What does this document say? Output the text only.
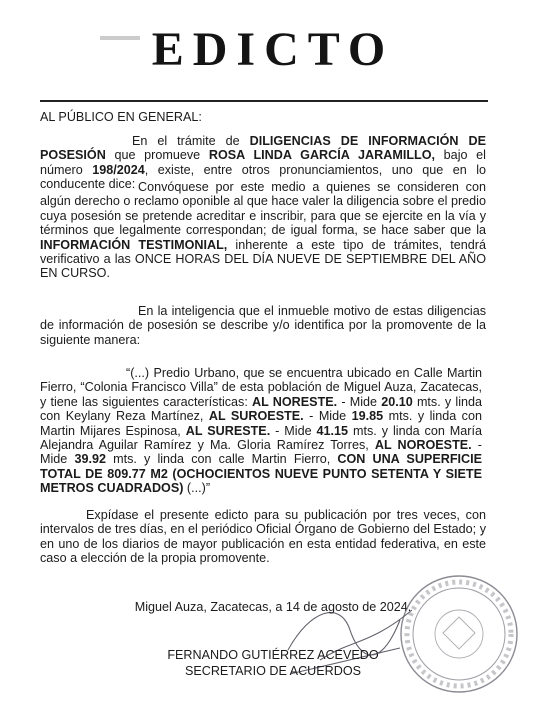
EDICTO
AL PÚBLICO EN GENERAL:
En el trámite de DILIGENCIAS DE INFORMACIÓN DE POSESIÓN que promueve ROSA LINDA GARCÍA JARAMILLO, bajo el número 198/2024, existe, entre otros pronunciamientos, uno que en lo conducente dice: Convóquese por este medio a quienes se consideren con algún derecho o reclamo oponible al que hace valer la diligencia sobre el predio cuya posesión se pretende acreditar e inscribir, para que se ejercite en la vía y términos que legalmente correspondan; de igual forma, se hace saber que la INFORMACIÓN TESTIMONIAL, inherente a este tipo de trámites, tendrá verificativo a las ONCE HORAS DEL DÍA NUEVE DE SEPTIEMBRE DEL AÑO EN CURSO.
En la inteligencia que el inmueble motivo de estas diligencias de información de posesión se describe y/o identifica por la promovente de la siguiente manera:
“(...) Predio Urbano, que se encuentra ubicado en Calle Martin Fierro, “Colonia Francisco Villa” de esta población de Miguel Auza, Zacatecas, y tiene las siguientes características: AL NORESTE. - Mide 20.10 mts. y linda con Keylany Reza Martínez, AL SUROESTE. - Mide 19.85 mts. y linda con Martin Mijares Espinosa, AL SURESTE. - Mide 41.15 mts. y linda con María Alejandra Aguilar Ramírez y Ma. Gloria Ramírez Torres, AL NOROESTE. - Mide 39.92 mts. y linda con calle Martin Fierro, CON UNA SUPERFICIE TOTAL DE 809.77 M2 (OCHOCIENTOS NUEVE PUNTO SETENTA Y SIETE METROS CUADRADOS) (...)”
Expídase el presente edicto para su publicación por tres veces, con intervalos de tres días, en el periódico Oficial Órgano de Gobierno del Estado; y en uno de los diarios de mayor publicación en esta entidad federativa, en este caso a elección de la propia promovente.
Miguel Auza, Zacatecas, a 14 de agosto de 2024.
FERNANDO GUTIÉRREZ ACEVEDO
SECRETARIO DE ACUERDOS
